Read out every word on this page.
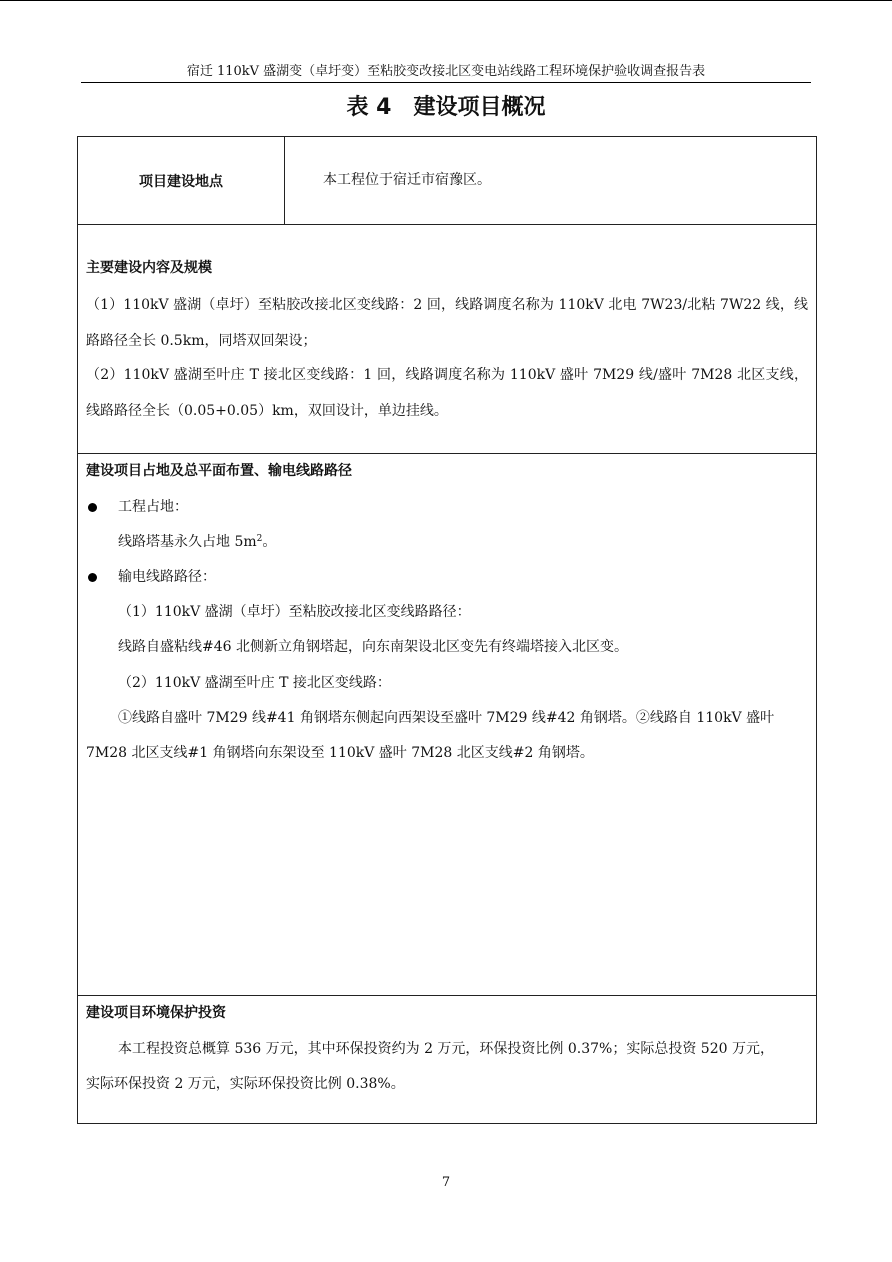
宿迁 110kV 盛湖变（卓圩变）至粘胶变改接北区变电站线路工程环境保护验收调查报告表
表 4　建设项目概况
项目建设地点	本工程位于宿迁市宿豫区。
主要建设内容及规模
（1）110kV 盛湖（卓圩）至粘胶改接北区变线路：2 回，线路调度名称为 110kV 北电 7W23/北粘 7W22 线，线路路径全长 0.5km，同塔双回架设；
（2）110kV 盛湖至叶庄 T 接北区变线路：1 回，线路调度名称为 110kV 盛叶 7M29 线/盛叶 7M28 北区支线，线路路径全长（0.05+0.05）km，双回设计，单边挂线。
建设项目占地及总平面布置、输电线路路径
工程占地：
线路塔基永久占地 $5m^2$。
输电线路路径：
（1）110kV 盛湖（卓圩）至粘胶改接北区变线路路径：
线路自盛粘线#46 北侧新立角钢塔起，向东南架设北区变先有终端塔接入北区变。
（2）110kV 盛湖至叶庄 T 接北区变线路：
①线路自盛叶 7M29 线#41 角钢塔东侧起向西架设至盛叶 7M29 线#42 角钢塔。②线路自 110kV 盛叶
7M28 北区支线#1 角钢塔向东架设至 110kV 盛叶 7M28 北区支线#2 角钢塔。
建设项目环境保护投资
本工程投资总概算 536 万元，其中环保投资约为 2 万元，环保投资比例 0.37%；实际总投资 520 万元，
实际环保投资 2 万元，实际环保投资比例 0.38%。
7
